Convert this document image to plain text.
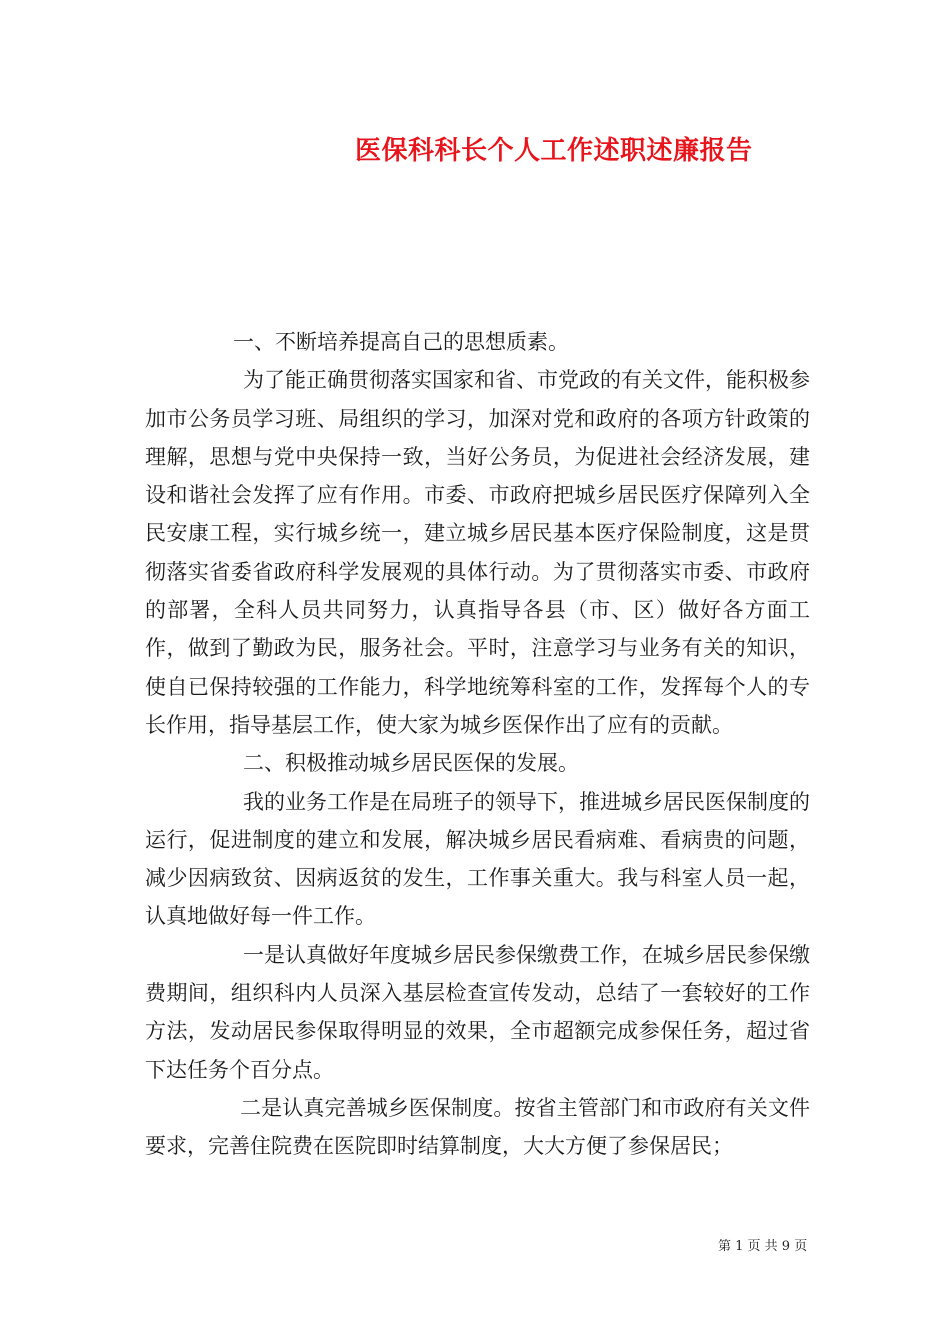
医保科科长个人工作述职述廉报告

一、不断培养提高自己的思想质素。

为了能正确贯彻落实国家和省、市党政的有关文件，能积极参加市公务员学习班、局组织的学习，加深对党和政府的各项方针政策的理解，思想与党中央保持一致，当好公务员，为促进社会经济发展，建设和谐社会发挥了应有作用。市委、市政府把城乡居民医疗保障列入全民安康工程，实行城乡统一，建立城乡居民基本医疗保险制度，这是贯彻落实省委省政府科学发展观的具体行动。为了贯彻落实市委、市政府的部署，全科人员共同努力，认真指导各县（市、区）做好各方面工作，做到了勤政为民，服务社会。平时，注意学习与业务有关的知识，使自已保持较强的工作能力，科学地统筹科室的工作，发挥每个人的专长作用，指导基层工作，使大家为城乡医保作出了应有的贡献。

二、积极推动城乡居民医保的发展。

我的业务工作是在局班子的领导下，推进城乡居民医保制度的运行，促进制度的建立和发展，解决城乡居民看病难、看病贵的问题，减少因病致贫、因病返贫的发生，工作事关重大。我与科室人员一起，认真地做好每一件工作。

一是认真做好年度城乡居民参保缴费工作，在城乡居民参保缴费期间，组织科内人员深入基层检查宣传发动，总结了一套较好的工作方法，发动居民参保取得明显的效果，全市超额完成参保任务，超过省下达任务个百分点。

二是认真完善城乡医保制度。按省主管部门和市政府有关文件要求，完善住院费在医院即时结算制度，大大方便了参保居民；

第 1 页 共 9 页
